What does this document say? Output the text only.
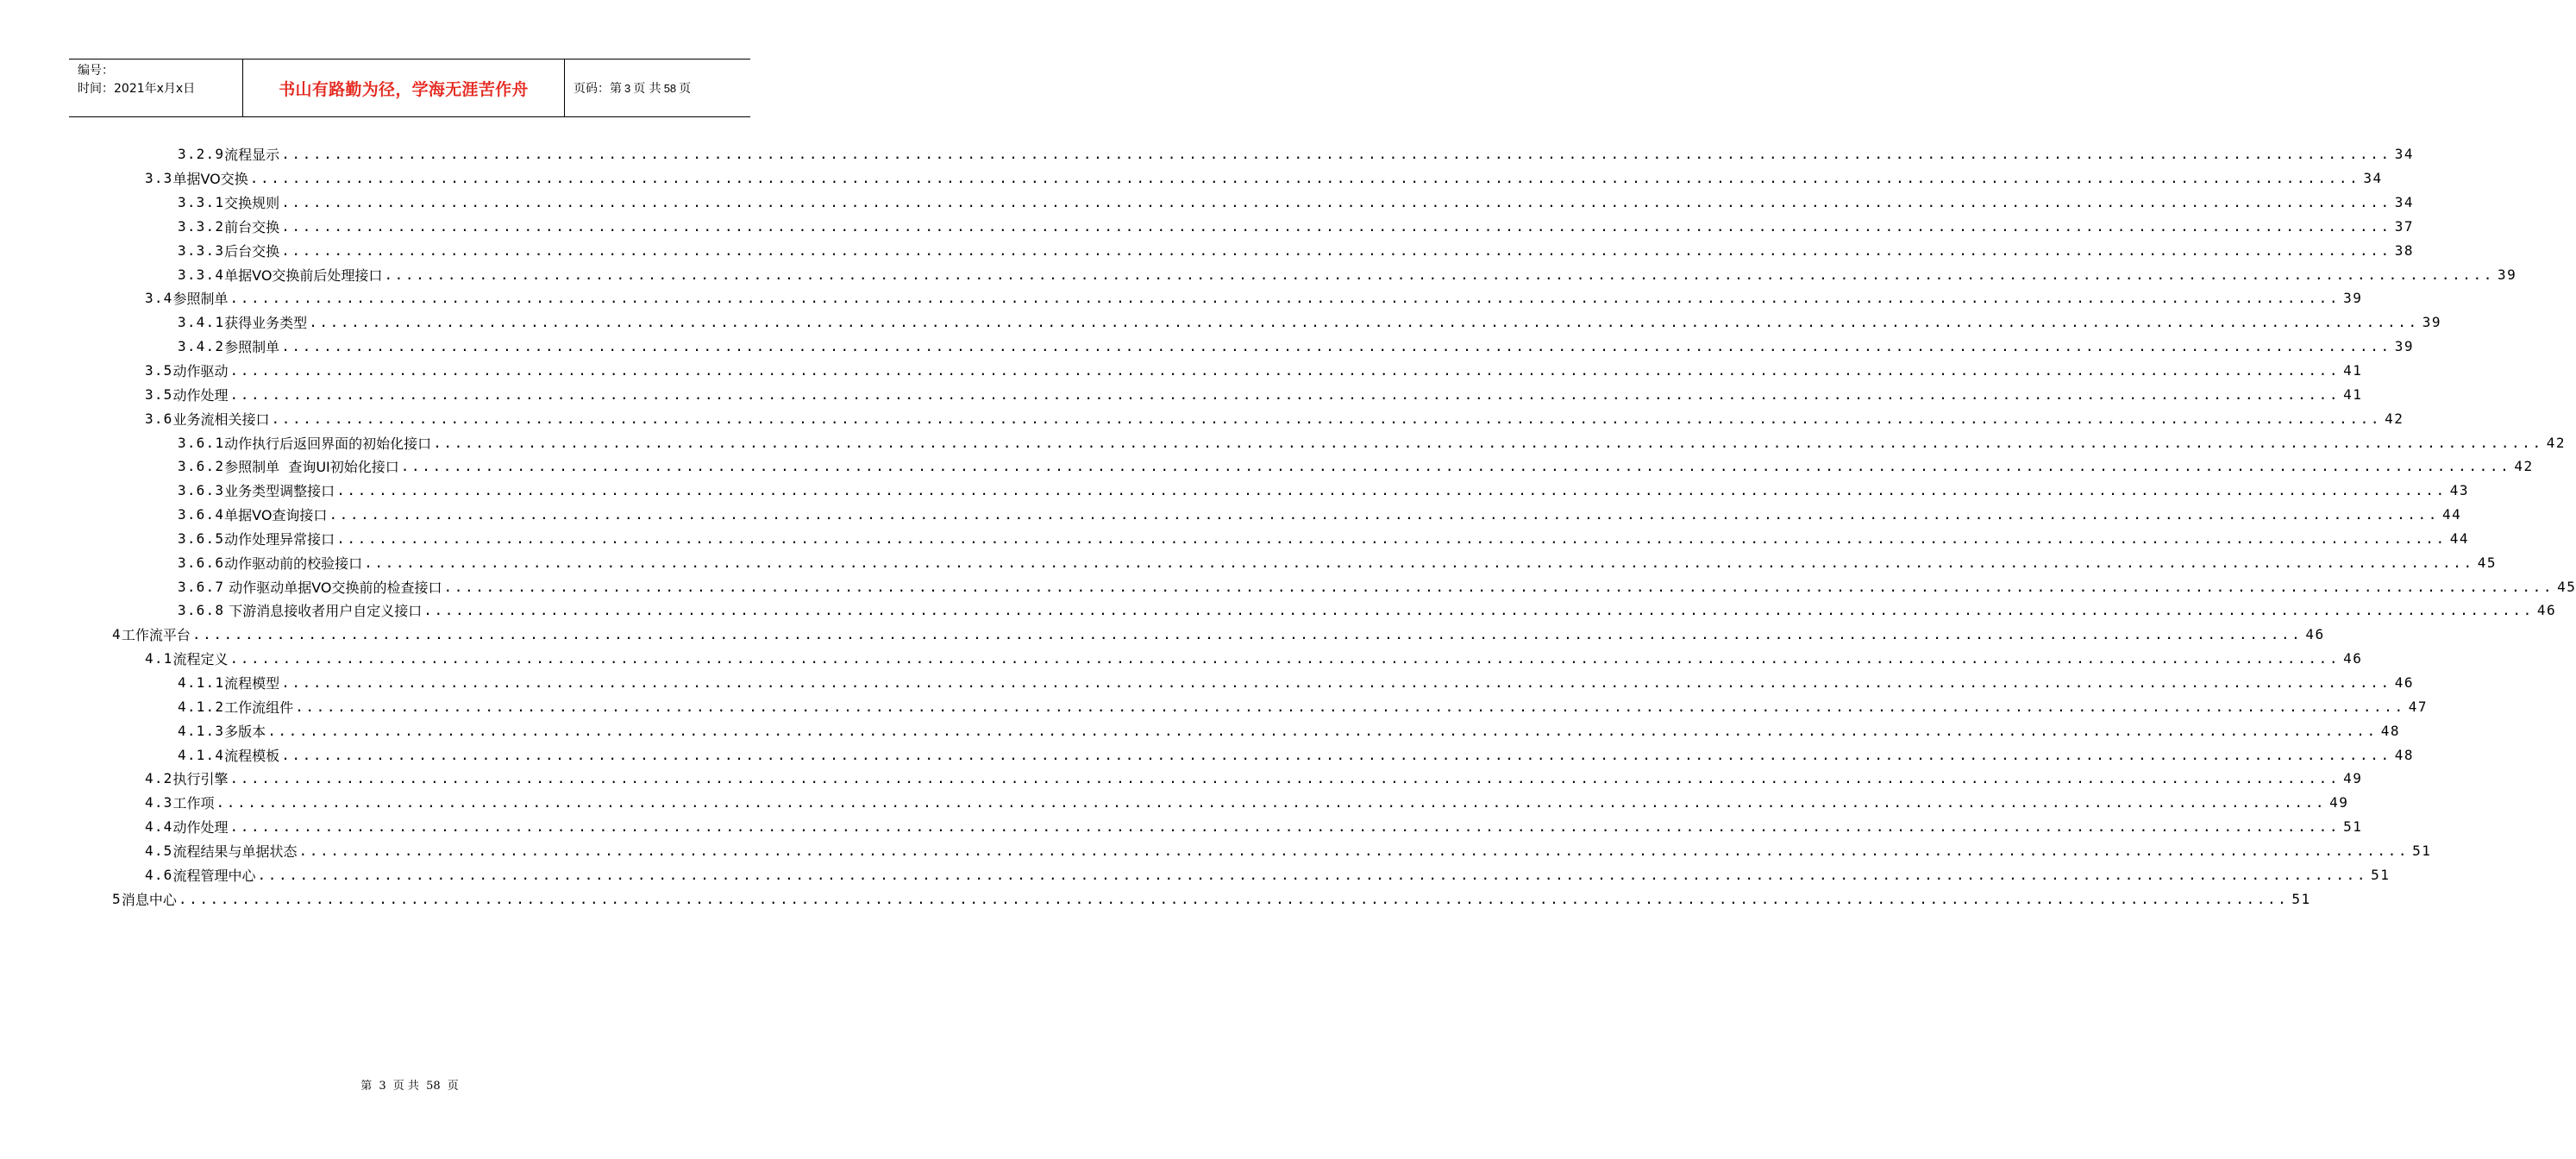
编号：
时间：2021年x月x日	书山有路勤为径，学海无涯苦作舟	页码：第 3 页 共 58 页
3.2.9 流程显示 ........................................................................................................................................................................................................ 34
3.3 单据VO交换 ........................................................................................................................................................................................................ 34
3.3.1 交换规则 ........................................................................................................................................................................................................ 34
3.3.2 前台交换 ........................................................................................................................................................................................................ 37
3.3.3 后台交换 ........................................................................................................................................................................................................ 38
3.3.4 单据VO交换前后处理接口 ........................................................................................................................................................................................................ 39
3.4 参照制单 ........................................................................................................................................................................................................ 39
3.4.1 获得业务类型 ........................................................................................................................................................................................................ 39
3.4.2 参照制单 ........................................................................................................................................................................................................ 39
3.5 动作驱动 ........................................................................................................................................................................................................ 41
3.5 动作处理 ........................................................................................................................................................................................................ 41
3.6 业务流相关接口 ........................................................................................................................................................................................................ 42
3.6.1 动作执行后返回界面的初始化接口 ........................................................................................................................................................................................................ 42
3.6.2 参照制单  查询UI初始化接口 ........................................................................................................................................................................................................ 42
3.6.3 业务类型调整接口 ........................................................................................................................................................................................................ 43
3.6.4 单据VO查询接口 ........................................................................................................................................................................................................ 44
3.6.5 动作处理异常接口 ........................................................................................................................................................................................................ 44
3.6.6 动作驱动前的校验接口 ........................................................................................................................................................................................................ 45
3.6.7 动作驱动单据VO交换前的检查接口 ........................................................................................................................................................................................................ 45
3.6.8 下游消息接收者用户自定义接口 ........................................................................................................................................................................................................ 46
4 工作流平台 ........................................................................................................................................................................................................ 46
4.1 流程定义 ........................................................................................................................................................................................................ 46
4.1.1 流程模型 ........................................................................................................................................................................................................ 46
4.1.2 工作流组件 ........................................................................................................................................................................................................ 47
4.1.3 多版本 ........................................................................................................................................................................................................ 48
4.1.4 流程模板 ........................................................................................................................................................................................................ 48
4.2 执行引擎 ........................................................................................................................................................................................................ 49
4.3 工作项 ........................................................................................................................................................................................................ 49
4.4 动作处理 ........................................................................................................................................................................................................ 51
4.5 流程结果与单据状态 ........................................................................................................................................................................................................ 51
4.6 流程管理中心 ........................................................................................................................................................................................................ 51
5 消息中心 ........................................................................................................................................................................................................ 51
第 3 页 共 58 页
